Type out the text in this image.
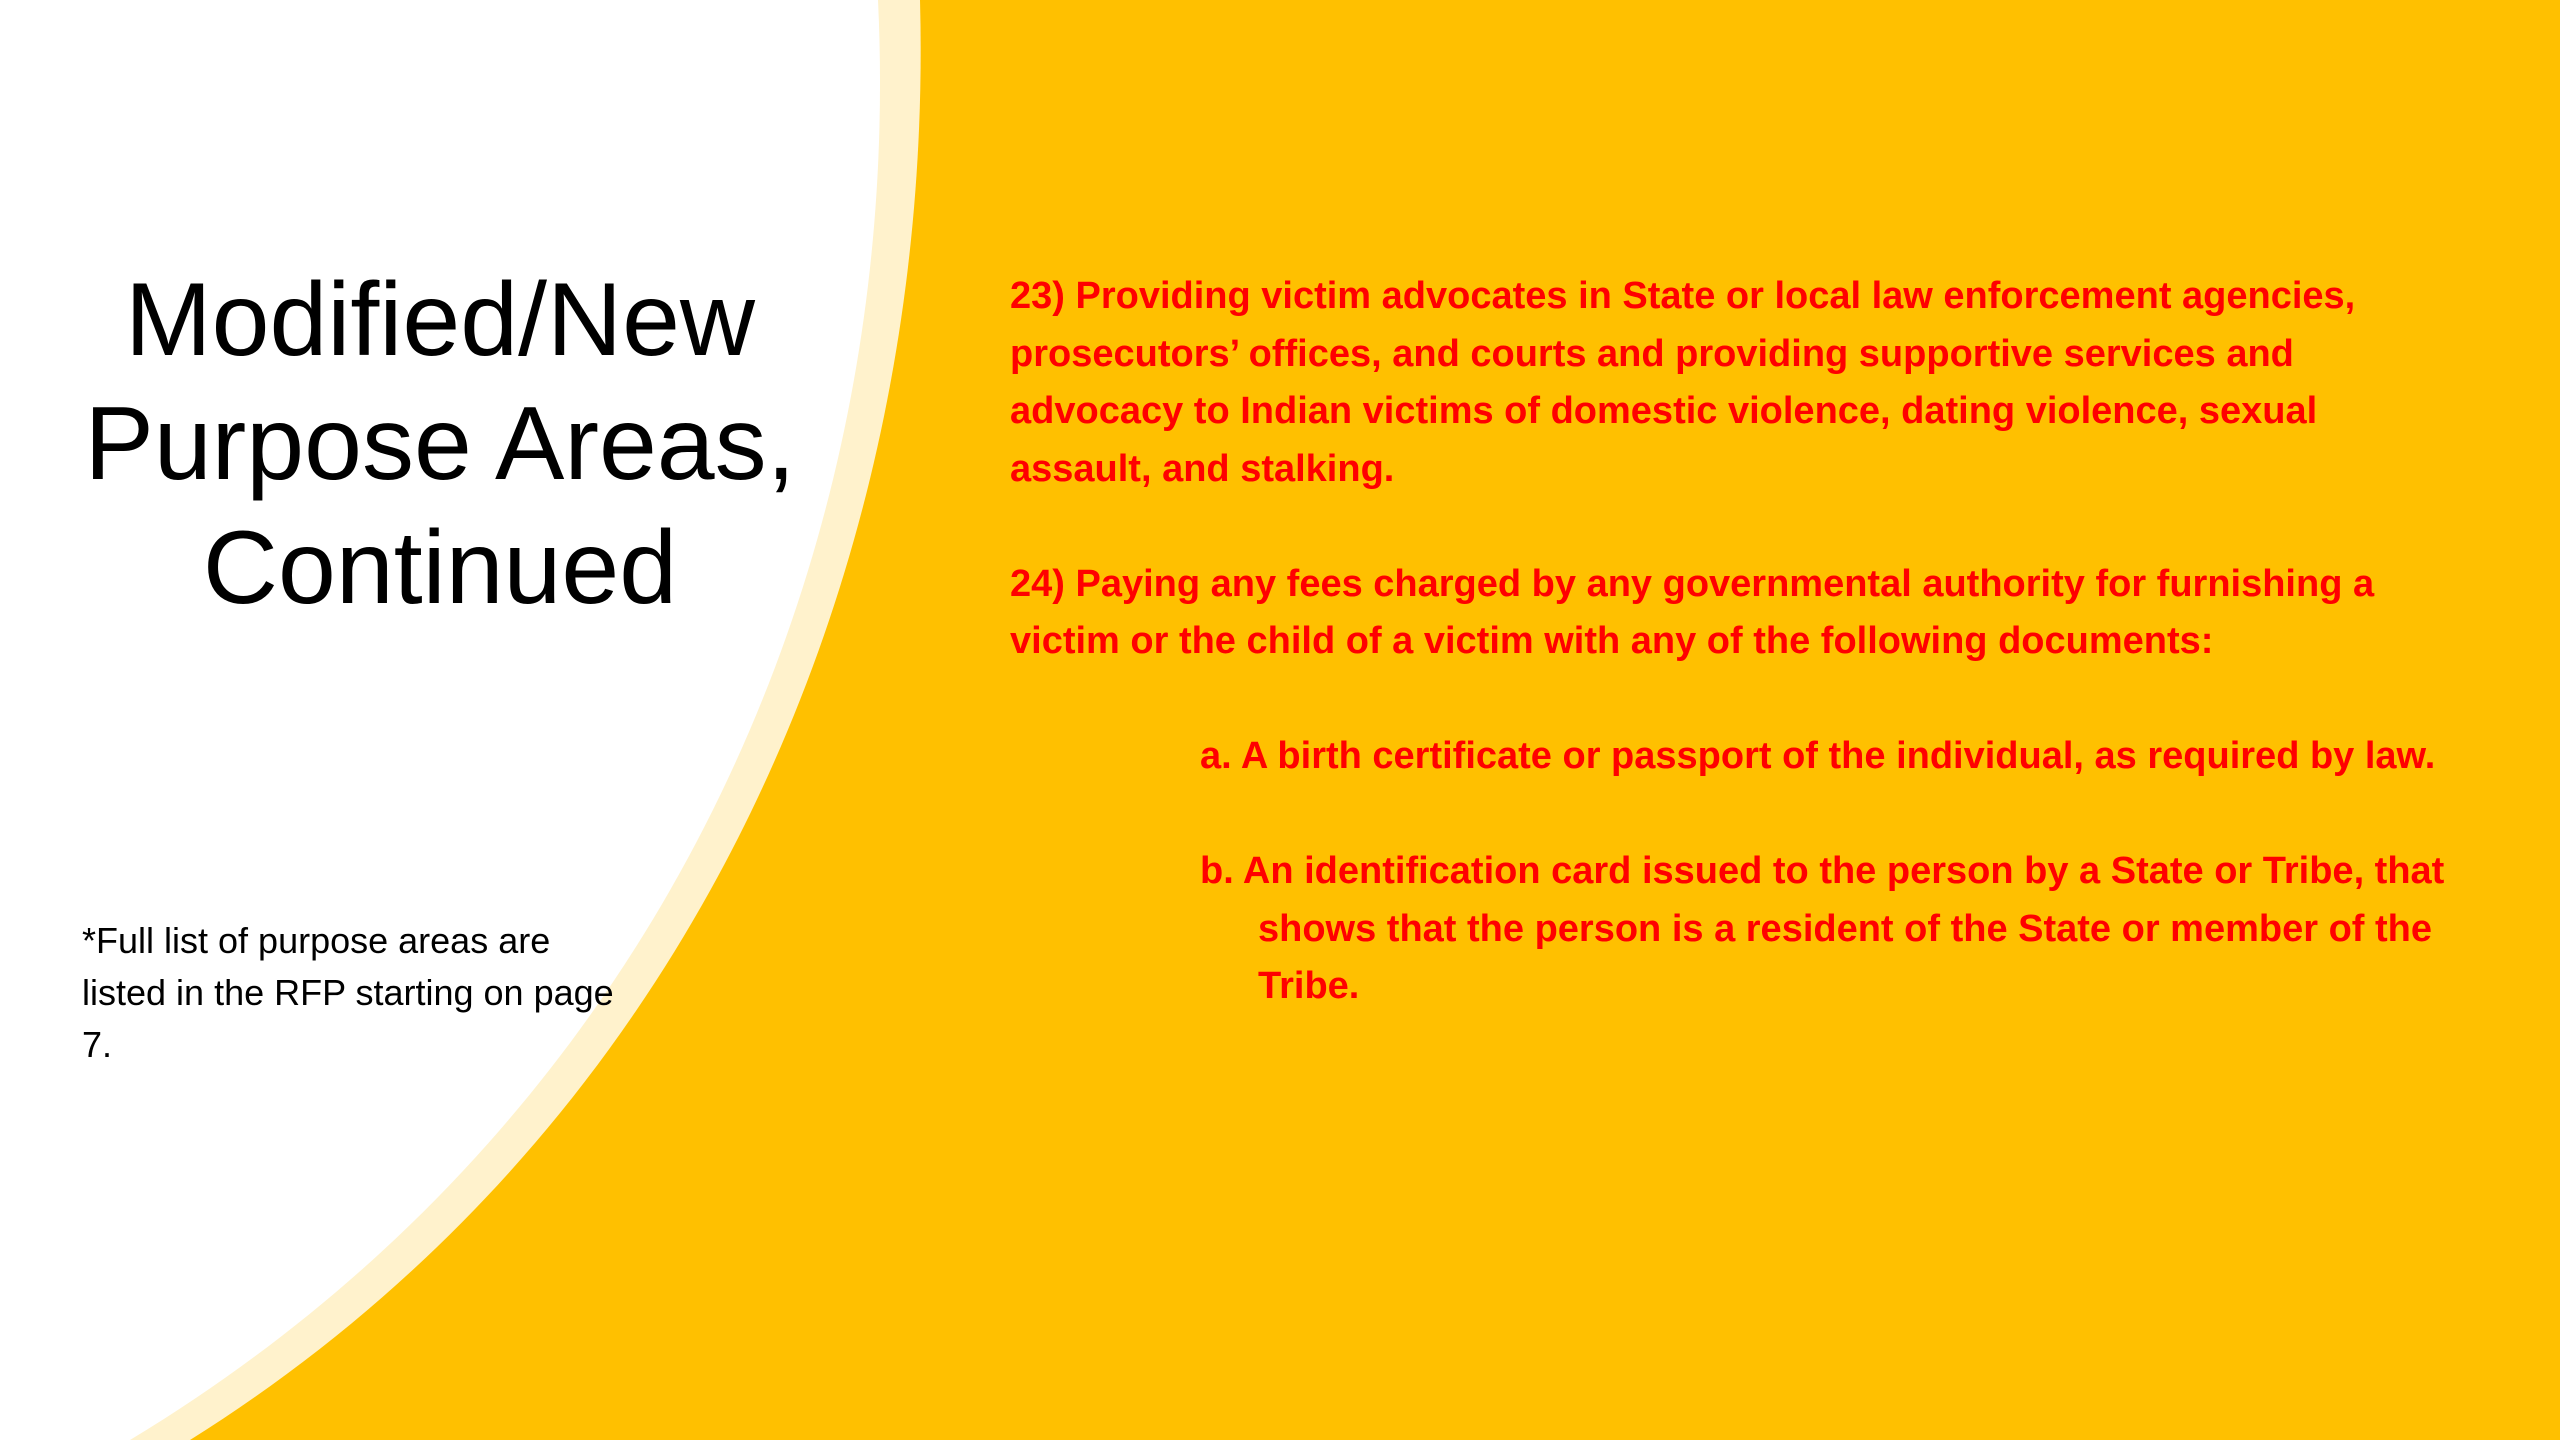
Modified/New Purpose Areas, Continued

*Full list of purpose areas are listed in the RFP starting on page 7.

23) Providing victim advocates in State or local law enforcement agencies, prosecutors’ offices, and courts and providing supportive services and advocacy to Indian victims of domestic violence, dating violence, sexual assault, and stalking.

24) Paying any fees charged by any governmental authority for furnishing a victim or the child of a victim with any of the following documents:

a. A birth certificate or passport of the individual, as required by law.

b. An identification card issued to the person by a State or Tribe, that shows that the person is a resident of the State or member of the Tribe.
